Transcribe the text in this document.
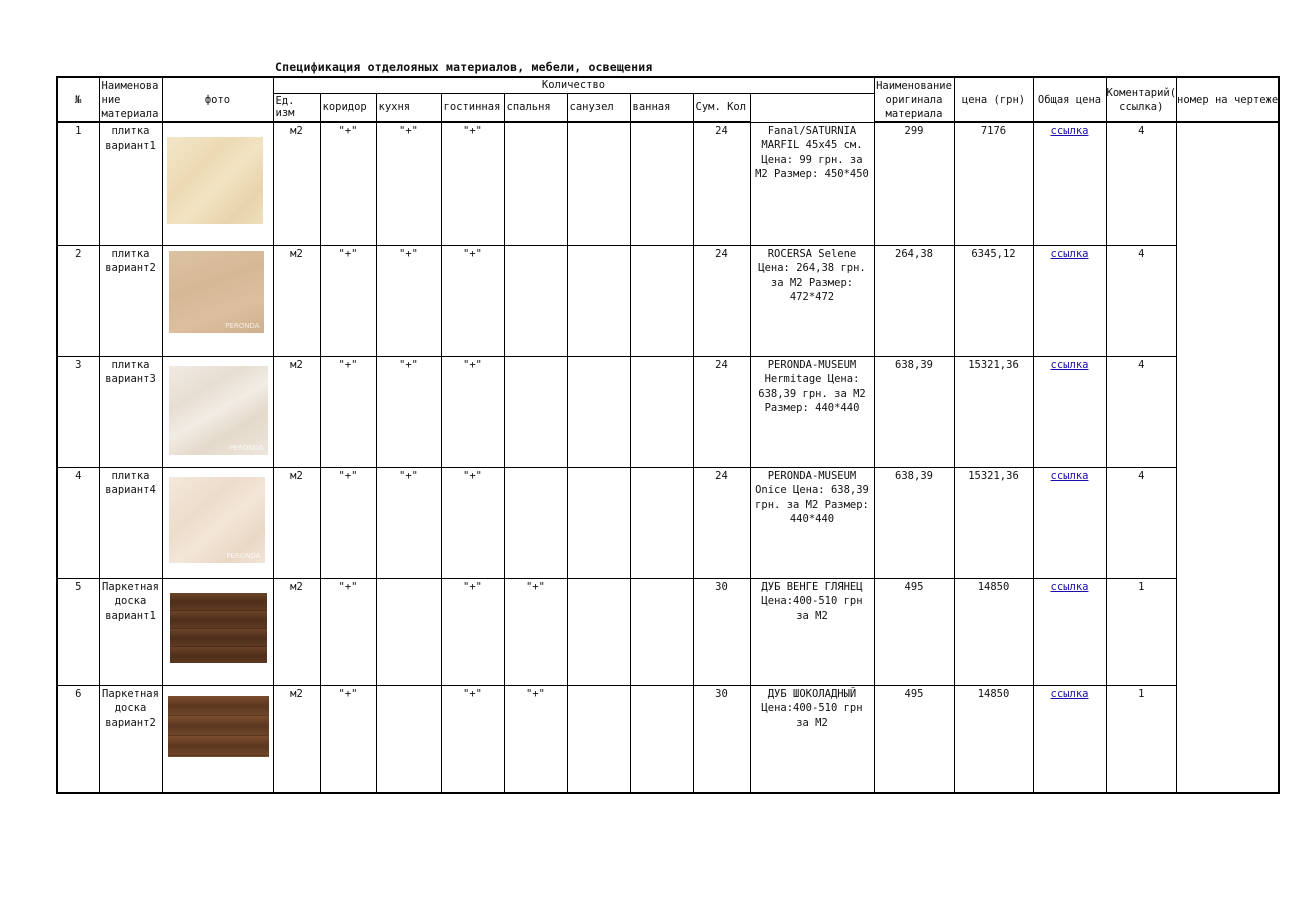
Спецификация отделояных материалов, мебели, освещения
№	Наименова ние материала	фото	Количество									Наименование оригинала материала	цена (грн)	Общая цена	Коментарий( ссылка)	номер на чертеже
			Ед. изм	коридор	кухня	гостинная	спальня	санузел	ванная	Сум. Кол						
1	плитка вариант1		м2	"+"	"+"	"+"				24	Fanal/SATURNIA MARFIL 45x45 см. Цена: 99 грн. за М2 Размер: 450*450	299	7176	ссылка	4	
2	плитка вариант2	PERONDA	м2	"+"	"+"	"+"				24	ROCERSA Selene Цена: 264,38 грн. за М2 Размер: 472*472	264,38	6345,12	ссылка	4	
3	плитка вариант3	PERONDA	м2	"+"	"+"	"+"				24	PERONDA-MUSEUM Hermitage Цена: 638,39 грн. за М2 Размер: 440*440	638,39	15321,36	ссылка	4	
4	плитка вариант4	PERONDA	м2	"+"	"+"	"+"				24	PERONDA-MUSEUM Onice Цена: 638,39 грн. за М2 Размер: 440*440	638,39	15321,36	ссылка	4	
5	Паркетная доска вариант1		м2	"+"		"+"	"+"			30	ДУБ ВЕНГЕ ГЛЯНЕЦ Цена:400-510 грн за М2	495	14850	ссылка	1	
6	Паркетная доска вариант2		м2	"+"		"+"	"+"			30	ДУБ ШОКОЛАДНЫЙ Цена:400-510 грн за М2	495	14850	ссылка	1	
